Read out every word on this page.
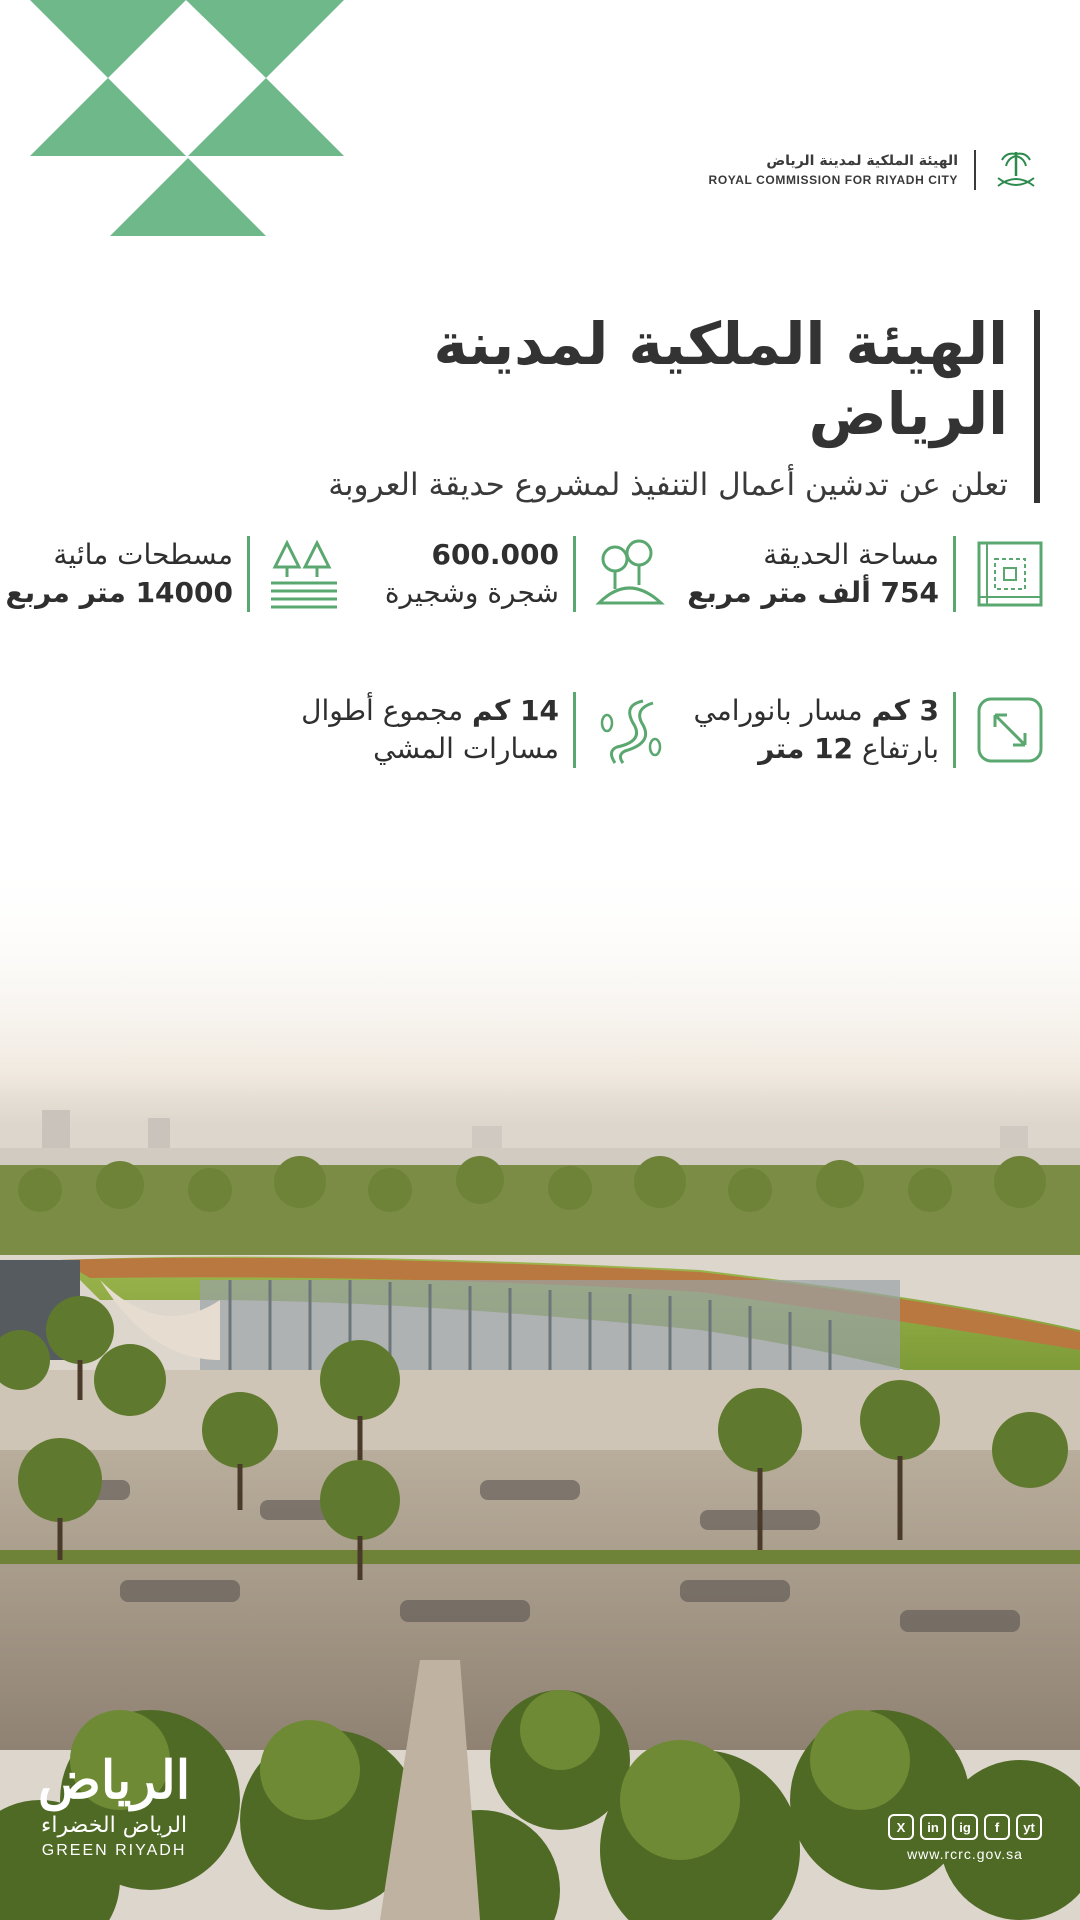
الهيئة الملكية لمدينة الرياض
ROYAL COMMISSION FOR RIYADH CITY
الهيئة الملكية لمدينة الرياض

تعلن عن تدشين أعمال التنفيذ لمشروع حديقة العروبة

مساحة الحديقة
754 ألف متر مربع
600.000
شجرة وشجيرة
مسطحات مائية
14000 متر مربع
3 كم مسار بانورامي
بارتفاع 12 متر
14 كم مجموع أطوال
مسارات المشي
الرياض
الرياض الخضراء
GREEN RIYADH
X	in	ig	f	yt
www.rcrc.gov.sa
